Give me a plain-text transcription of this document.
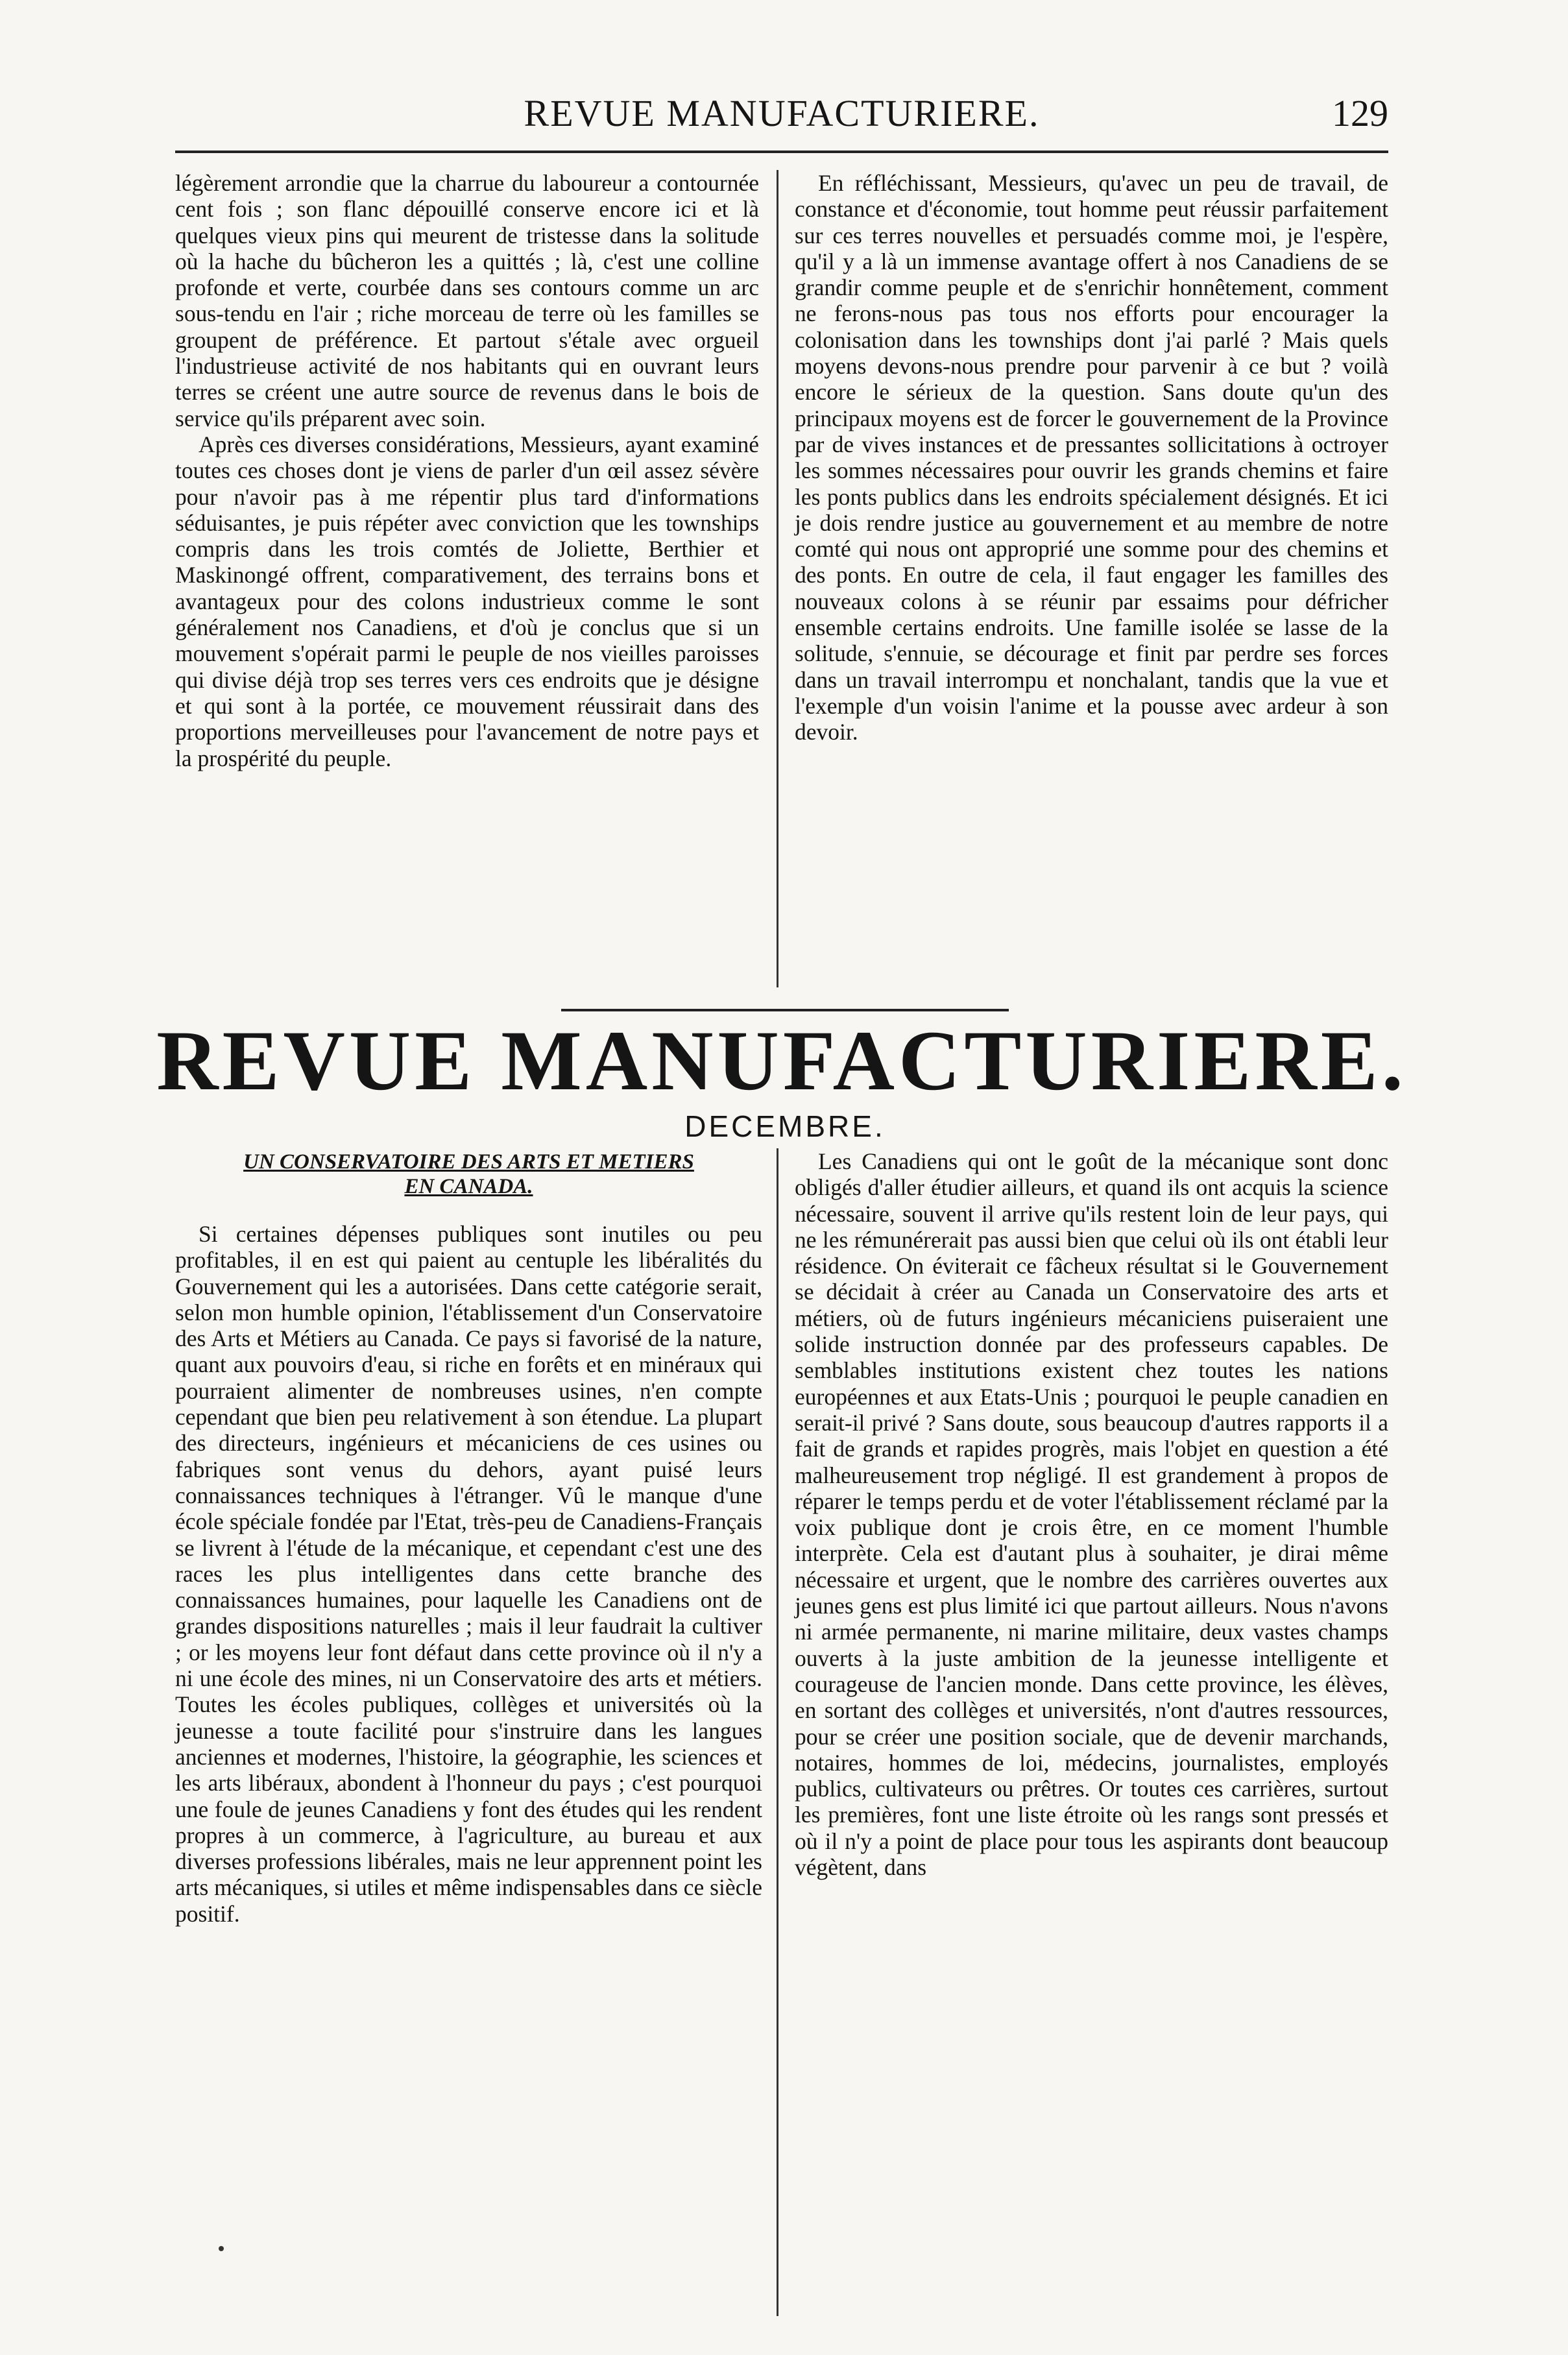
REVUE MANUFACTURIERE.	129

légèrement arrondie que la charrue du laboureur a contournée cent fois ; son flanc dépouillé conserve encore ici et là quelques vieux pins qui meurent de tristesse dans la solitude où la hache du bûcheron les a quittés ; là, c'est une colline profonde et verte, courbée dans ses contours comme un arc sous-tendu en l'air ; riche morceau de terre où les familles se groupent de préférence. Et partout s'étale avec orgueil l'industrieuse activité de nos habitants qui en ouvrant leurs terres se créent une autre source de revenus dans le bois de service qu'ils préparent avec soin.

Après ces diverses considérations, Messieurs, ayant examiné toutes ces choses dont je viens de parler d'un œil assez sévère pour n'avoir pas à me répentir plus tard d'informations séduisantes, je puis répéter avec conviction que les townships compris dans les trois comtés de Joliette, Berthier et Maskinongé offrent, comparativement, des terrains bons et avantageux pour des colons industrieux comme le sont généralement nos Canadiens, et d'où je conclus que si un mouvement s'opérait parmi le peuple de nos vieilles paroisses qui divise déjà trop ses terres vers ces endroits que je désigne et qui sont à la portée, ce mouvement réussirait dans des proportions merveilleuses pour l'avancement de notre pays et la prospérité du peuple.

En réfléchissant, Messieurs, qu'avec un peu de travail, de constance et d'économie, tout homme peut réussir parfaitement sur ces terres nouvelles et persuadés comme moi, je l'espère, qu'il y a là un immense avantage offert à nos Canadiens de se grandir comme peuple et de s'enrichir honnêtement, comment ne ferons-nous pas tous nos efforts pour encourager la colonisation dans les townships dont j'ai parlé ? Mais quels moyens devons-nous prendre pour parvenir à ce but ? voilà encore le sérieux de la question. Sans doute qu'un des principaux moyens est de forcer le gouvernement de la Province par de vives instances et de pressantes sollicitations à octroyer les sommes nécessaires pour ouvrir les grands chemins et faire les ponts publics dans les endroits spécialement désignés. Et ici je dois rendre justice au gouvernement et au membre de notre comté qui nous ont approprié une somme pour des chemins et des ponts. En outre de cela, il faut engager les familles des nouveaux colons à se réunir par essaims pour défricher ensemble certains endroits. Une famille isolée se lasse de la solitude, s'ennuie, se décourage et finit par perdre ses forces dans un travail interrompu et nonchalant, tandis que la vue et l'exemple d'un voisin l'anime et la pousse avec ardeur à son devoir.

REVUE MANUFACTURIERE.
DECEMBRE.
UN CONSERVATOIRE DES ARTS ET METIERS
EN CANADA.

Si certaines dépenses publiques sont inutiles ou peu profitables, il en est qui paient au centuple les libéralités du Gouvernement qui les a autorisées. Dans cette catégorie serait, selon mon humble opinion, l'établissement d'un Conservatoire des Arts et Métiers au Canada. Ce pays si favorisé de la nature, quant aux pouvoirs d'eau, si riche en forêts et en minéraux qui pourraient alimenter de nombreuses usines, n'en compte cependant que bien peu relativement à son étendue. La plupart des directeurs, ingénieurs et mécaniciens de ces usines ou fabriques sont venus du dehors, ayant puisé leurs connaissances techniques à l'étranger. Vû le manque d'une école spéciale fondée par l'Etat, très-peu de Canadiens-Français se livrent à l'étude de la mécanique, et cependant c'est une des races les plus intelligentes dans cette branche des connaissances humaines, pour laquelle les Canadiens ont de grandes dispositions naturelles ; mais il leur faudrait la cultiver ; or les moyens leur font défaut dans cette province où il n'y a ni une école des mines, ni un Conservatoire des arts et métiers. Toutes les écoles publiques, collèges et universités où la jeunesse a toute facilité pour s'instruire dans les langues anciennes et modernes, l'histoire, la géographie, les sciences et les arts libéraux, abondent à l'honneur du pays ; c'est pourquoi une foule de jeunes Canadiens y font des études qui les rendent propres à un commerce, à l'agriculture, au bureau et aux diverses professions libérales, mais ne leur apprennent point les arts mécaniques, si utiles et même indispensables dans ce siècle positif.

Les Canadiens qui ont le goût de la mécanique sont donc obligés d'aller étudier ailleurs, et quand ils ont acquis la science nécessaire, souvent il arrive qu'ils restent loin de leur pays, qui ne les rémunérerait pas aussi bien que celui où ils ont établi leur résidence. On éviterait ce fâcheux résultat si le Gouvernement se décidait à créer au Canada un Conservatoire des arts et métiers, où de futurs ingénieurs mécaniciens puiseraient une solide instruction donnée par des professeurs capables. De semblables institutions existent chez toutes les nations européennes et aux Etats-Unis ; pourquoi le peuple canadien en serait-il privé ? Sans doute, sous beaucoup d'autres rapports il a fait de grands et rapides progrès, mais l'objet en question a été malheureusement trop négligé. Il est grandement à propos de réparer le temps perdu et de voter l'établissement réclamé par la voix publique dont je crois être, en ce moment l'humble interprète. Cela est d'autant plus à souhaiter, je dirai même nécessaire et urgent, que le nombre des carrières ouvertes aux jeunes gens est plus limité ici que partout ailleurs. Nous n'avons ni armée permanente, ni marine militaire, deux vastes champs ouverts à la juste ambition de la jeunesse intelligente et courageuse de l'ancien monde. Dans cette province, les élèves, en sortant des collèges et universités, n'ont d'autres ressources, pour se créer une position sociale, que de devenir marchands, notaires, hommes de loi, médecins, journalistes, employés publics, cultivateurs ou prêtres. Or toutes ces carrières, surtout les premières, font une liste étroite où les rangs sont pressés et où il n'y a point de place pour tous les aspirants dont beaucoup végètent, dans
